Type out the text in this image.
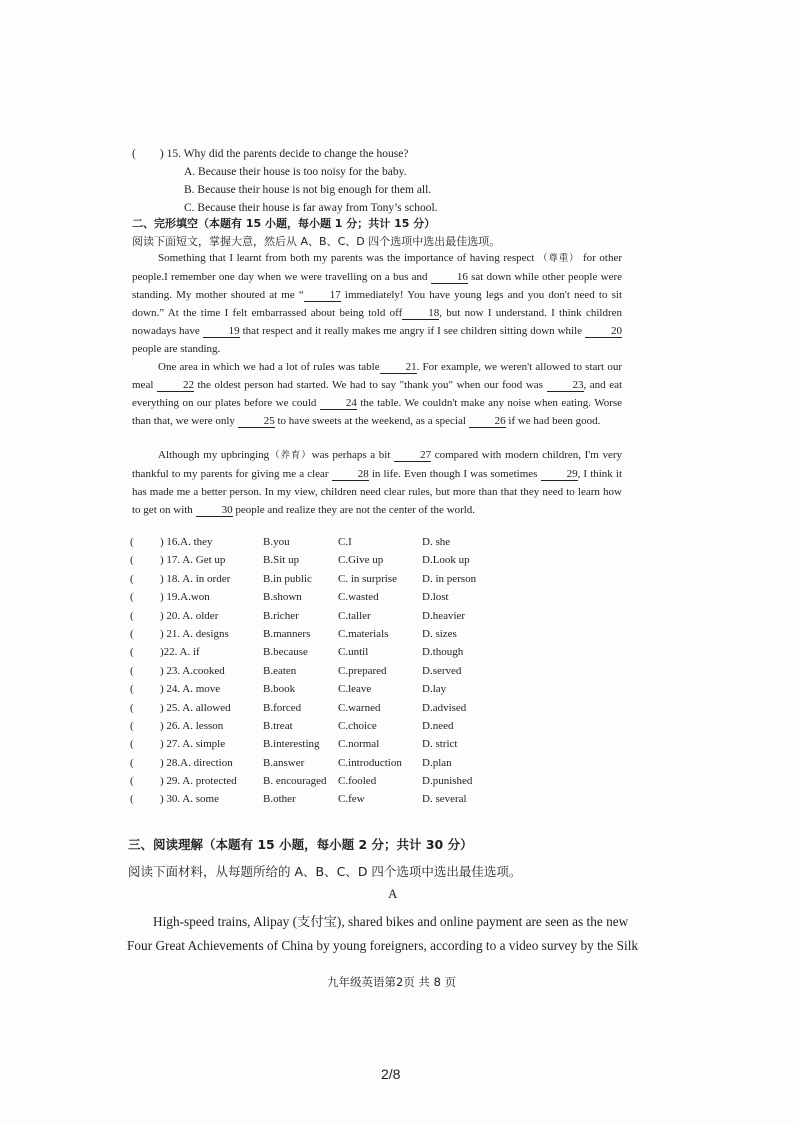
( ) 15. Why did the parents decide to change the house?
A. Because their house is too noisy for the baby.
B. Because their house is not big enough for them all.
C. Because their house is far away from Tony’s school.
二、完形填空（本题有 15 小题，每小题 1 分；共计 15 分）
阅读下面短文，掌握大意，然后从 A、B、C、D 四个选项中选出最佳选项。
Something that I learnt from both my parents was the importance of having respect （尊重） for other people.I remember one day when we were travelling on a bus and	16 sat down while other people were standing. My mother shouted at me “ 17 immediately! You have young legs and you don't need to sit down.” At the time I felt embarrassed about being told off 18, but now I understand. I think children nowadays have	19 that respect and it really makes me angry if I see children sitting down while	20 people are standing.
One area in which we had a lot of rules was table 21. For example, we weren't allowed to start our meal	22 the oldest person had started. We had to say "thank you" when our food was	23, and eat everything on our plates before we could	24 the table. We couldn't make any noise when eating. Worse than that, we were only	25 to have sweets at the weekend, as a special	26 if we had been good.
Although my upbringing（养育）was perhaps a bit	27 compared with modern children, I'm very thankful to my parents for giving me a clear	28 in life. Even though I was sometimes	29, I think it has made me a better person. In my view, children need clear rules, but more than that they need to learn how to get on with	30 people and realize they are not the center of the world.
( ) 16.A. they	B.you	C.I	D. she
( ) 17. A. Get up	B.Sit up	C.Give up	D.Look up
( ) 18. A. in order	B.in public C. in surprise D. in person
( ) 19.A.won	B.shown	C.wasted	D.lost
( ) 20. A. older	B.richer	C.taller	D.heavier
( ) 21. A. designs	B.manners	C.materials	D. sizes
( )22. A. if	B.because	C.until	D.though
( ) 23. A.cooked	B.eaten	C.prepared	D.served
( ) 24. A. move	B.book	C.leave	D.lay
( ) 25. A. allowed	B.forced	C.warned	D.advised
( ) 26. A. lesson	B.treat	C.choice	D.need
( ) 27. A. simple	B.interesting C.normal	D. strict
( ) 28.A. direction	B.answer	C.introduction D.plan
( ) 29. A. protected B. encouraged C.fooled	D.punished
( ) 30. A. some	B.other	C.few	D. several
三、阅读理解（本题有 15 小题，每小题 2 分；共计 30 分）
阅读下面材料，从每题所给的 A、B、C、D 四个选项中选出最佳选项。
A
High-speed trains, Alipay (支付宝), shared bikes and online payment are seen as the new
Four Great Achievements of China by young foreigners, according to a video survey by the Silk
九年级英语第2页 共 8 页
2/8
